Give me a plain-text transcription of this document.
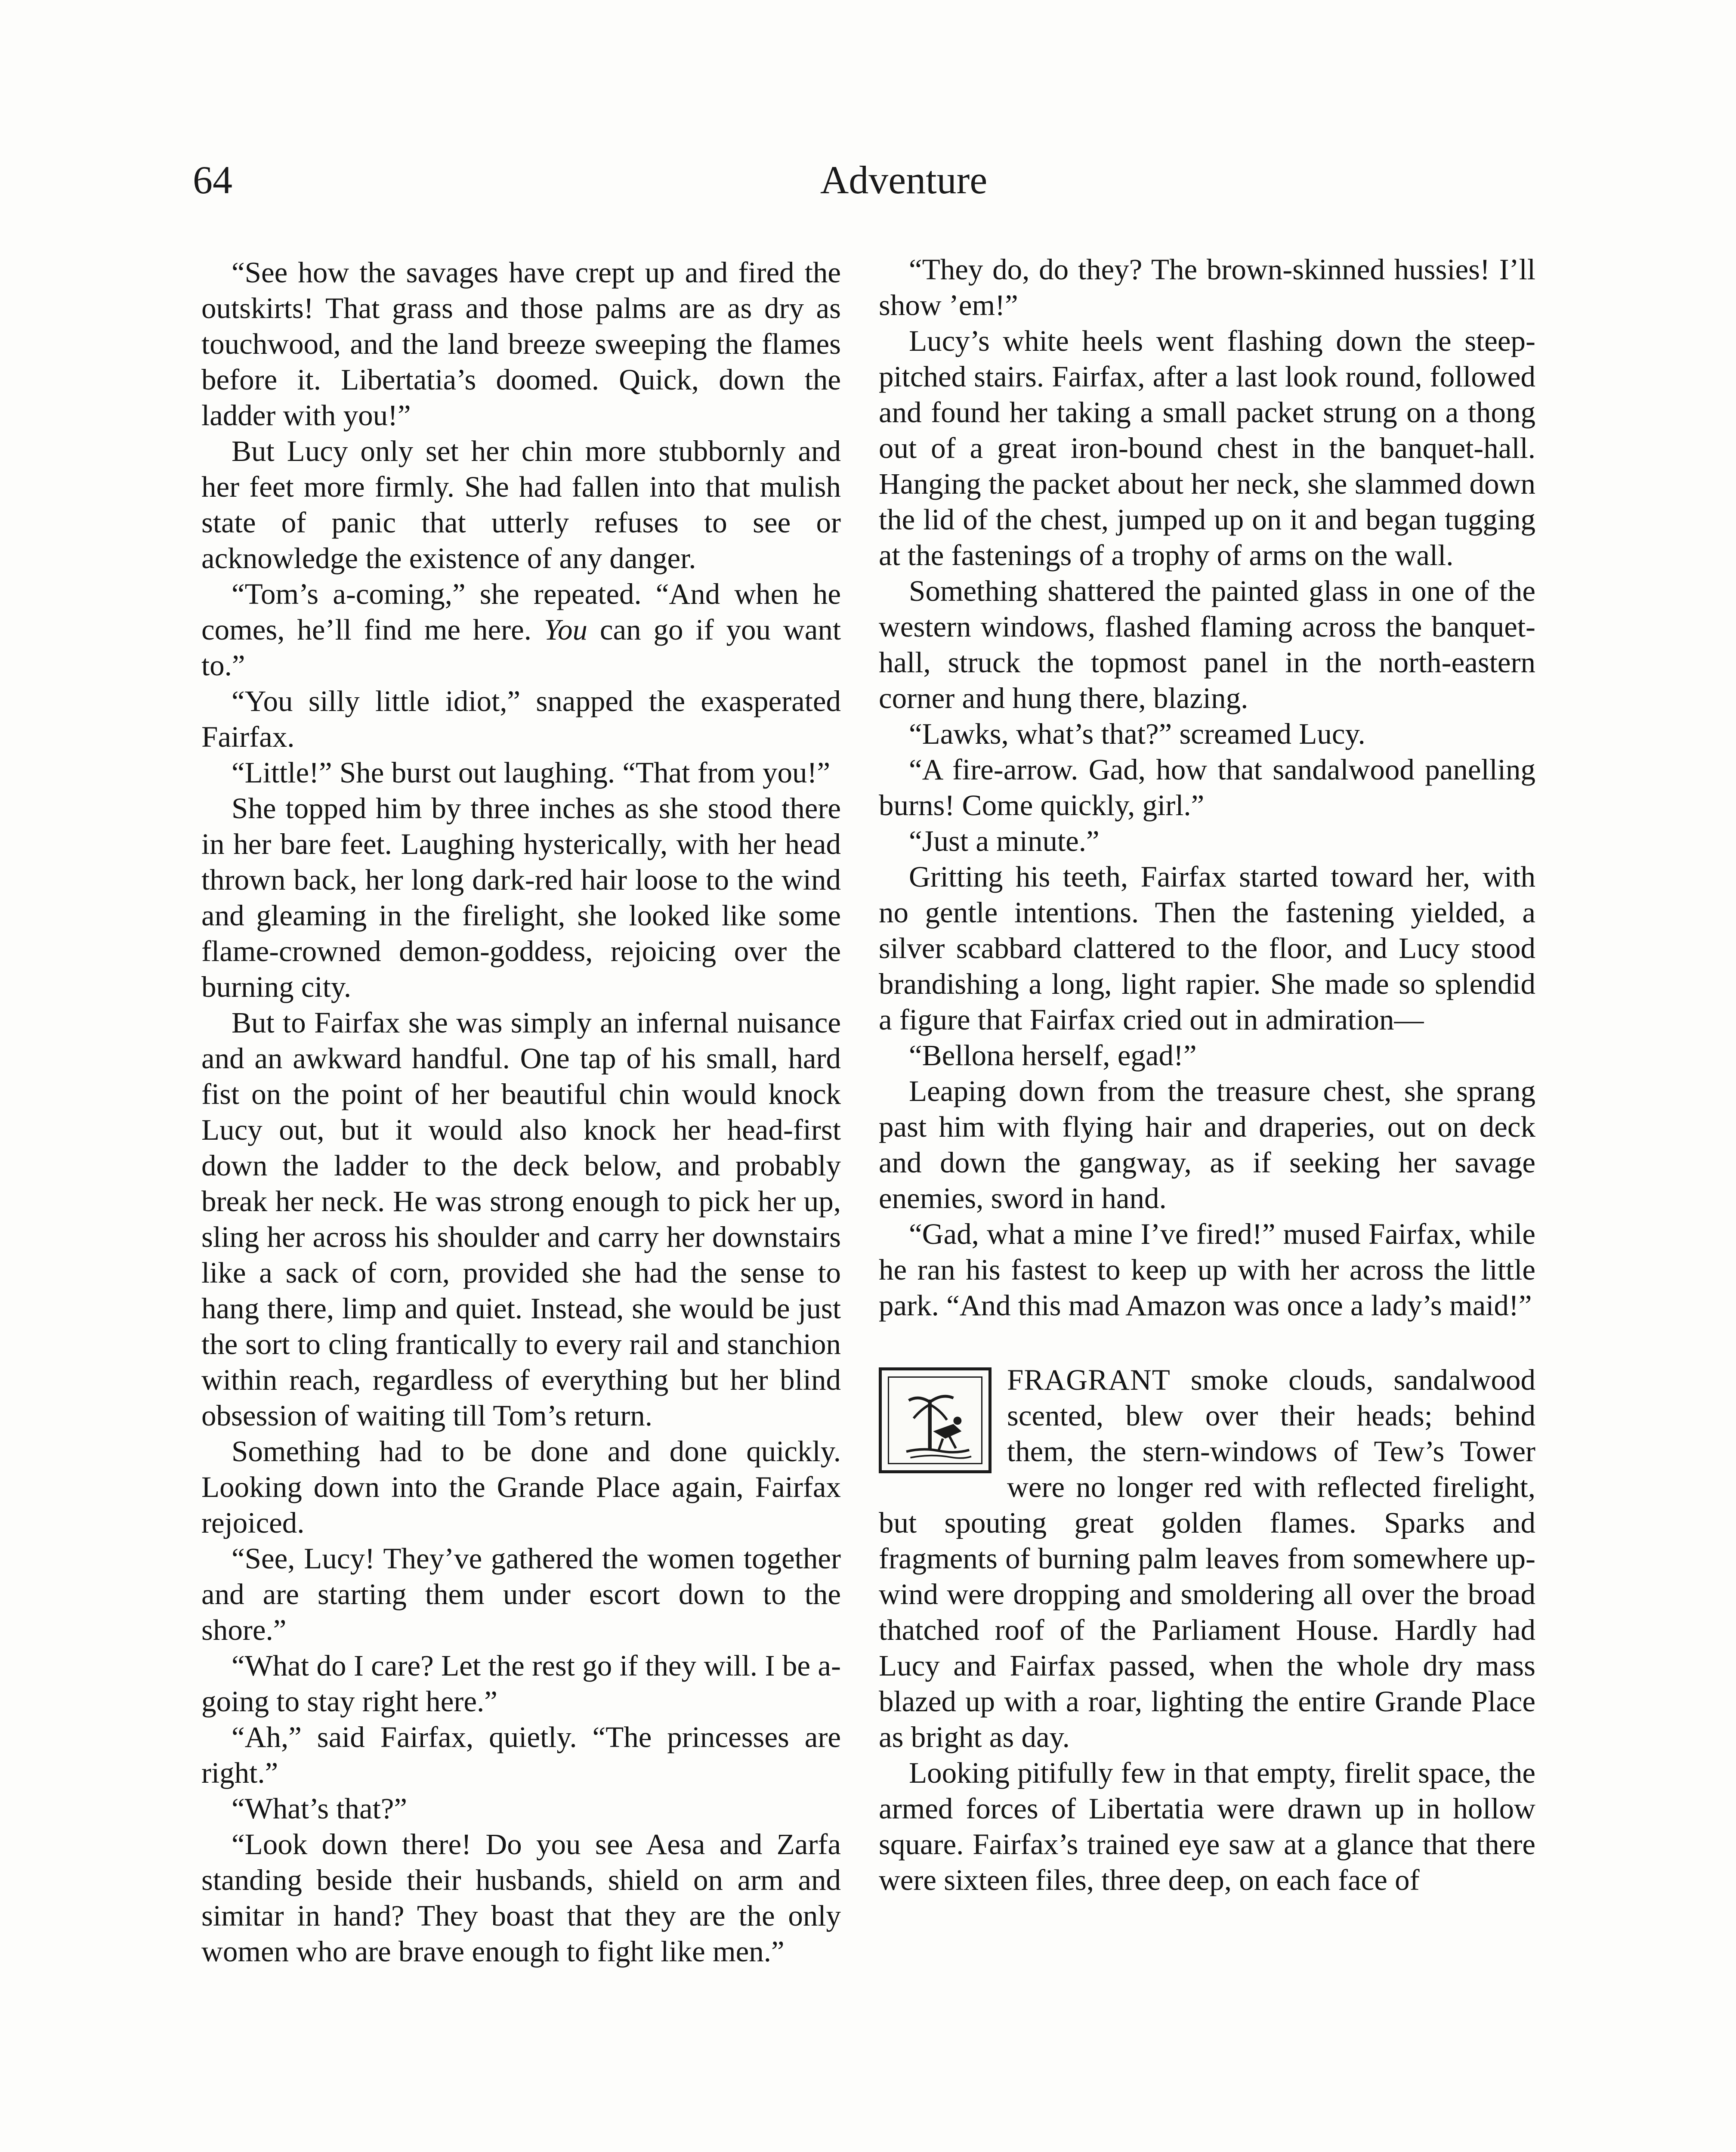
64	Adventure

“See how the savages have crept up and fired the outskirts! That grass and those palms are as dry as touchwood, and the land breeze sweeping the flames before it. Libertatia’s doomed. Quick, down the ladder with you!”

But Lucy only set her chin more stubbornly and her feet more firmly. She had fallen into that mulish state of panic that utterly refuses to see or acknowledge the existence of any danger.

“Tom’s a-coming,” she repeated. “And when he comes, he’ll find me here. You can go if you want to.”

“You silly little idiot,” snapped the exasperated Fairfax.

“Little!” She burst out laughing. “That from you!”

She topped him by three inches as she stood there in her bare feet. Laughing hysterically, with her head thrown back, her long dark-red hair loose to the wind and gleaming in the firelight, she looked like some flame-crowned demon-goddess, rejoicing over the burning city.

But to Fairfax she was simply an infernal nuisance and an awkward handful. One tap of his small, hard fist on the point of her beautiful chin would knock Lucy out, but it would also knock her head-first down the ladder to the deck below, and probably break her neck. He was strong enough to pick her up, sling her across his shoulder and carry her downstairs like a sack of corn, provided she had the sense to hang there, limp and quiet. Instead, she would be just the sort to cling frantically to every rail and stanchion within reach, regardless of everything but her blind obsession of waiting till Tom’s return.

Something had to be done and done quickly. Looking down into the Grande Place again, Fairfax rejoiced.

“See, Lucy! They’ve gathered the women together and are starting them under escort down to the shore.”

“What do I care? Let the rest go if they will. I be a-going to stay right here.”

“Ah,” said Fairfax, quietly. “The princesses are right.”

“What’s that?”

“Look down there! Do you see Aesa and Zarfa standing beside their husbands, shield on arm and simitar in hand? They boast that they are the only women who are brave enough to fight like men.”

“They do, do they? The brown-skinned hussies! I’ll show ’em!”

Lucy’s white heels went flashing down the steep-pitched stairs. Fairfax, after a last look round, followed and found her taking a small packet strung on a thong out of a great iron-bound chest in the banquet-hall. Hanging the packet about her neck, she slammed down the lid of the chest, jumped up on it and began tugging at the fastenings of a trophy of arms on the wall.

Something shattered the painted glass in one of the western windows, flashed flaming across the banquet-hall, struck the topmost panel in the north-eastern corner and hung there, blazing.

“Lawks, what’s that?” screamed Lucy.

“A fire-arrow. Gad, how that sandalwood panelling burns! Come quickly, girl.”

“Just a minute.”

Gritting his teeth, Fairfax started toward her, with no gentle intentions. Then the fastening yielded, a silver scabbard clattered to the floor, and Lucy stood brandishing a long, light rapier. She made so splendid a figure that Fairfax cried out in admiration—

“Bellona herself, egad!”

Leaping down from the treasure chest, she sprang past him with flying hair and draperies, out on deck and down the gangway, as if seeking her savage enemies, sword in hand.

“Gad, what a mine I’ve fired!” mused Fairfax, while he ran his fastest to keep up with her across the little park. “And this mad Amazon was once a lady’s maid!”

FRAGRANT smoke clouds, sandalwood scented, blew over their heads; behind them, the stern-windows of Tew’s Tower were no longer red with reflected firelight, but spouting great golden flames. Sparks and fragments of burning palm leaves from somewhere up-wind were dropping and smoldering all over the broad thatched roof of the Parliament House. Hardly had Lucy and Fairfax passed, when the whole dry mass blazed up with a roar, lighting the entire Grande Place as bright as day.

Looking pitifully few in that empty, firelit space, the armed forces of Libertatia were drawn up in hollow square. Fairfax’s trained eye saw at a glance that there were sixteen files, three deep, on each face of
